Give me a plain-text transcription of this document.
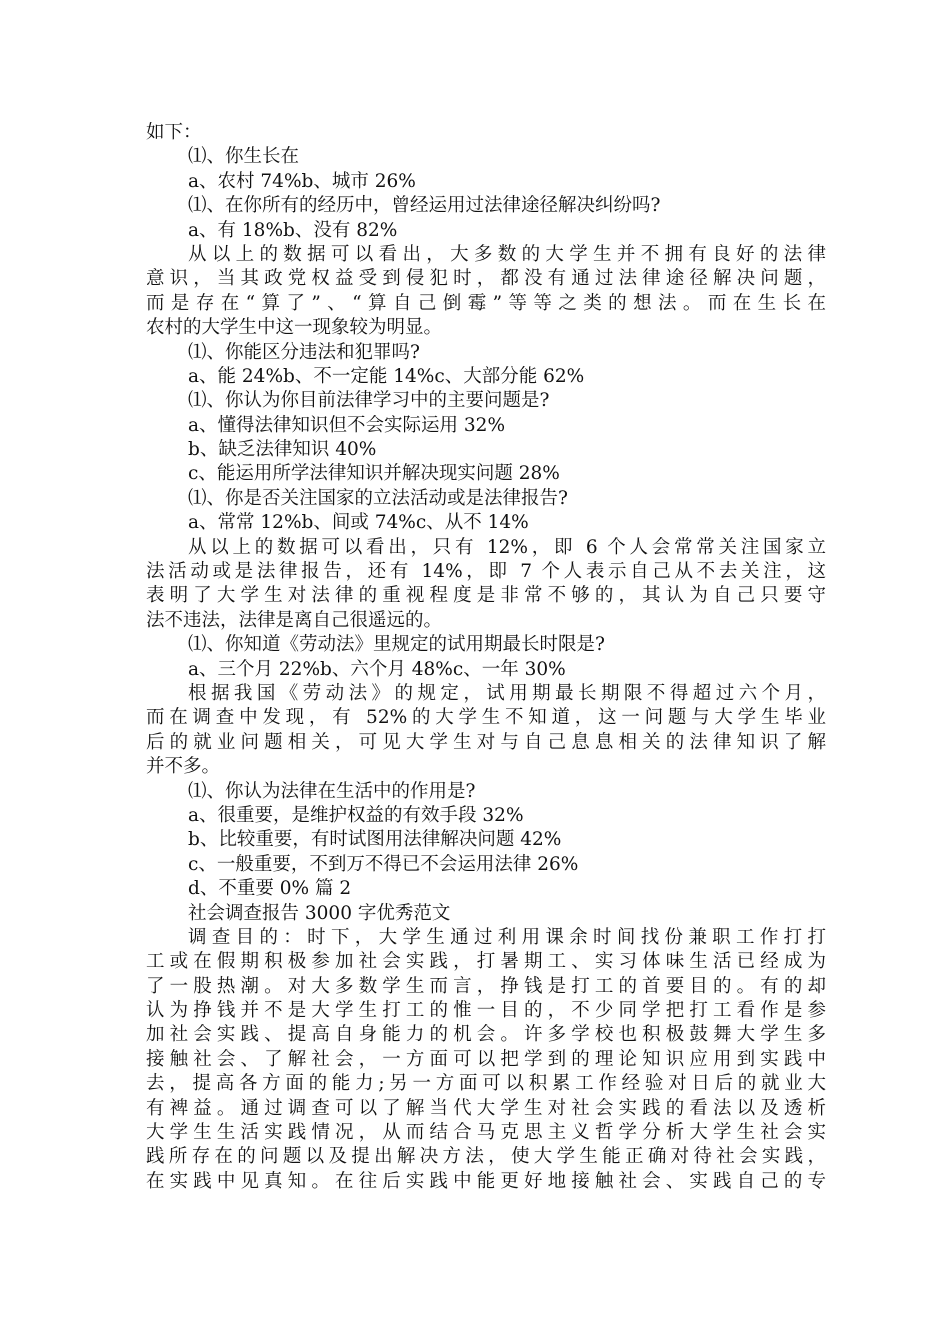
如下：
⑴、你生长在
a、农村 74%b、城市 26%
⑴、在你所有的经历中，曾经运用过法律途径解决纠纷吗?
a、有 18%b、没有 82%
从以上的数据可以看出，大多数的大学生并不拥有良好的法律
意识，当其政党权益受到侵犯时，都没有通过法律途径解决问题，
而是存在“算了”、“算自己倒霉”等等之类的想法。而在生长在
农村的大学生中这一现象较为明显。
⑴、你能区分违法和犯罪吗?
a、能 24%b、不一定能 14%c、大部分能 62%
⑴、你认为你目前法律学习中的主要问题是?
a、懂得法律知识但不会实际运用 32%
b、缺乏法律知识 40%
c、能运用所学法律知识并解决现实问题 28%
⑴、你是否关注国家的立法活动或是法律报告?
a、常常 12%b、间或 74%c、从不 14%
从以上的数据可以看出，只有 12%，即 6 个人会常常关注国家立
法活动或是法律报告，还有 14%，即 7 个人表示自己从不去关注，这
表明了大学生对法律的重视程度是非常不够的，其认为自己只要守
法不违法，法律是离自己很遥远的。
⑴、你知道《劳动法》里规定的试用期最长时限是?
a、三个月 22%b、六个月 48%c、一年 30%
根据我国《劳动法》的规定，试用期最长期限不得超过六个月，
而在调查中发现，有 52%的大学生不知道，这一问题与大学生毕业
后的就业问题相关，可见大学生对与自己息息相关的法律知识了解
并不多。
⑴、你认为法律在生活中的作用是?
a、很重要，是维护权益的有效手段 32%
b、比较重要，有时试图用法律解决问题 42%
c、一般重要，不到万不得已不会运用法律 26%
d、不重要 0% 篇 2
社会调查报告 3000 字优秀范文
调查目的：时下，大学生通过利用课余时间找份兼职工作打打
工或在假期积极参加社会实践，打暑期工、实习体味生活已经成为
了一股热潮。对大多数学生而言，挣钱是打工的首要目的。有的却
认为挣钱并不是大学生打工的惟一目的，不少同学把打工看作是参
加社会实践、提高自身能力的机会。许多学校也积极鼓舞大学生多
接触社会、了解社会，一方面可以把学到的理论知识应用到实践中
去，提高各方面的能力;另一方面可以积累工作经验对日后的就业大
有裨益。通过调查可以了解当代大学生对社会实践的看法以及透析
大学生生活实践情况，从而结合马克思主义哲学分析大学生社会实
践所存在的问题以及提出解决方法，使大学生能正确对待社会实践，
在实践中见真知。在往后实践中能更好地接触社会、实践自己的专
